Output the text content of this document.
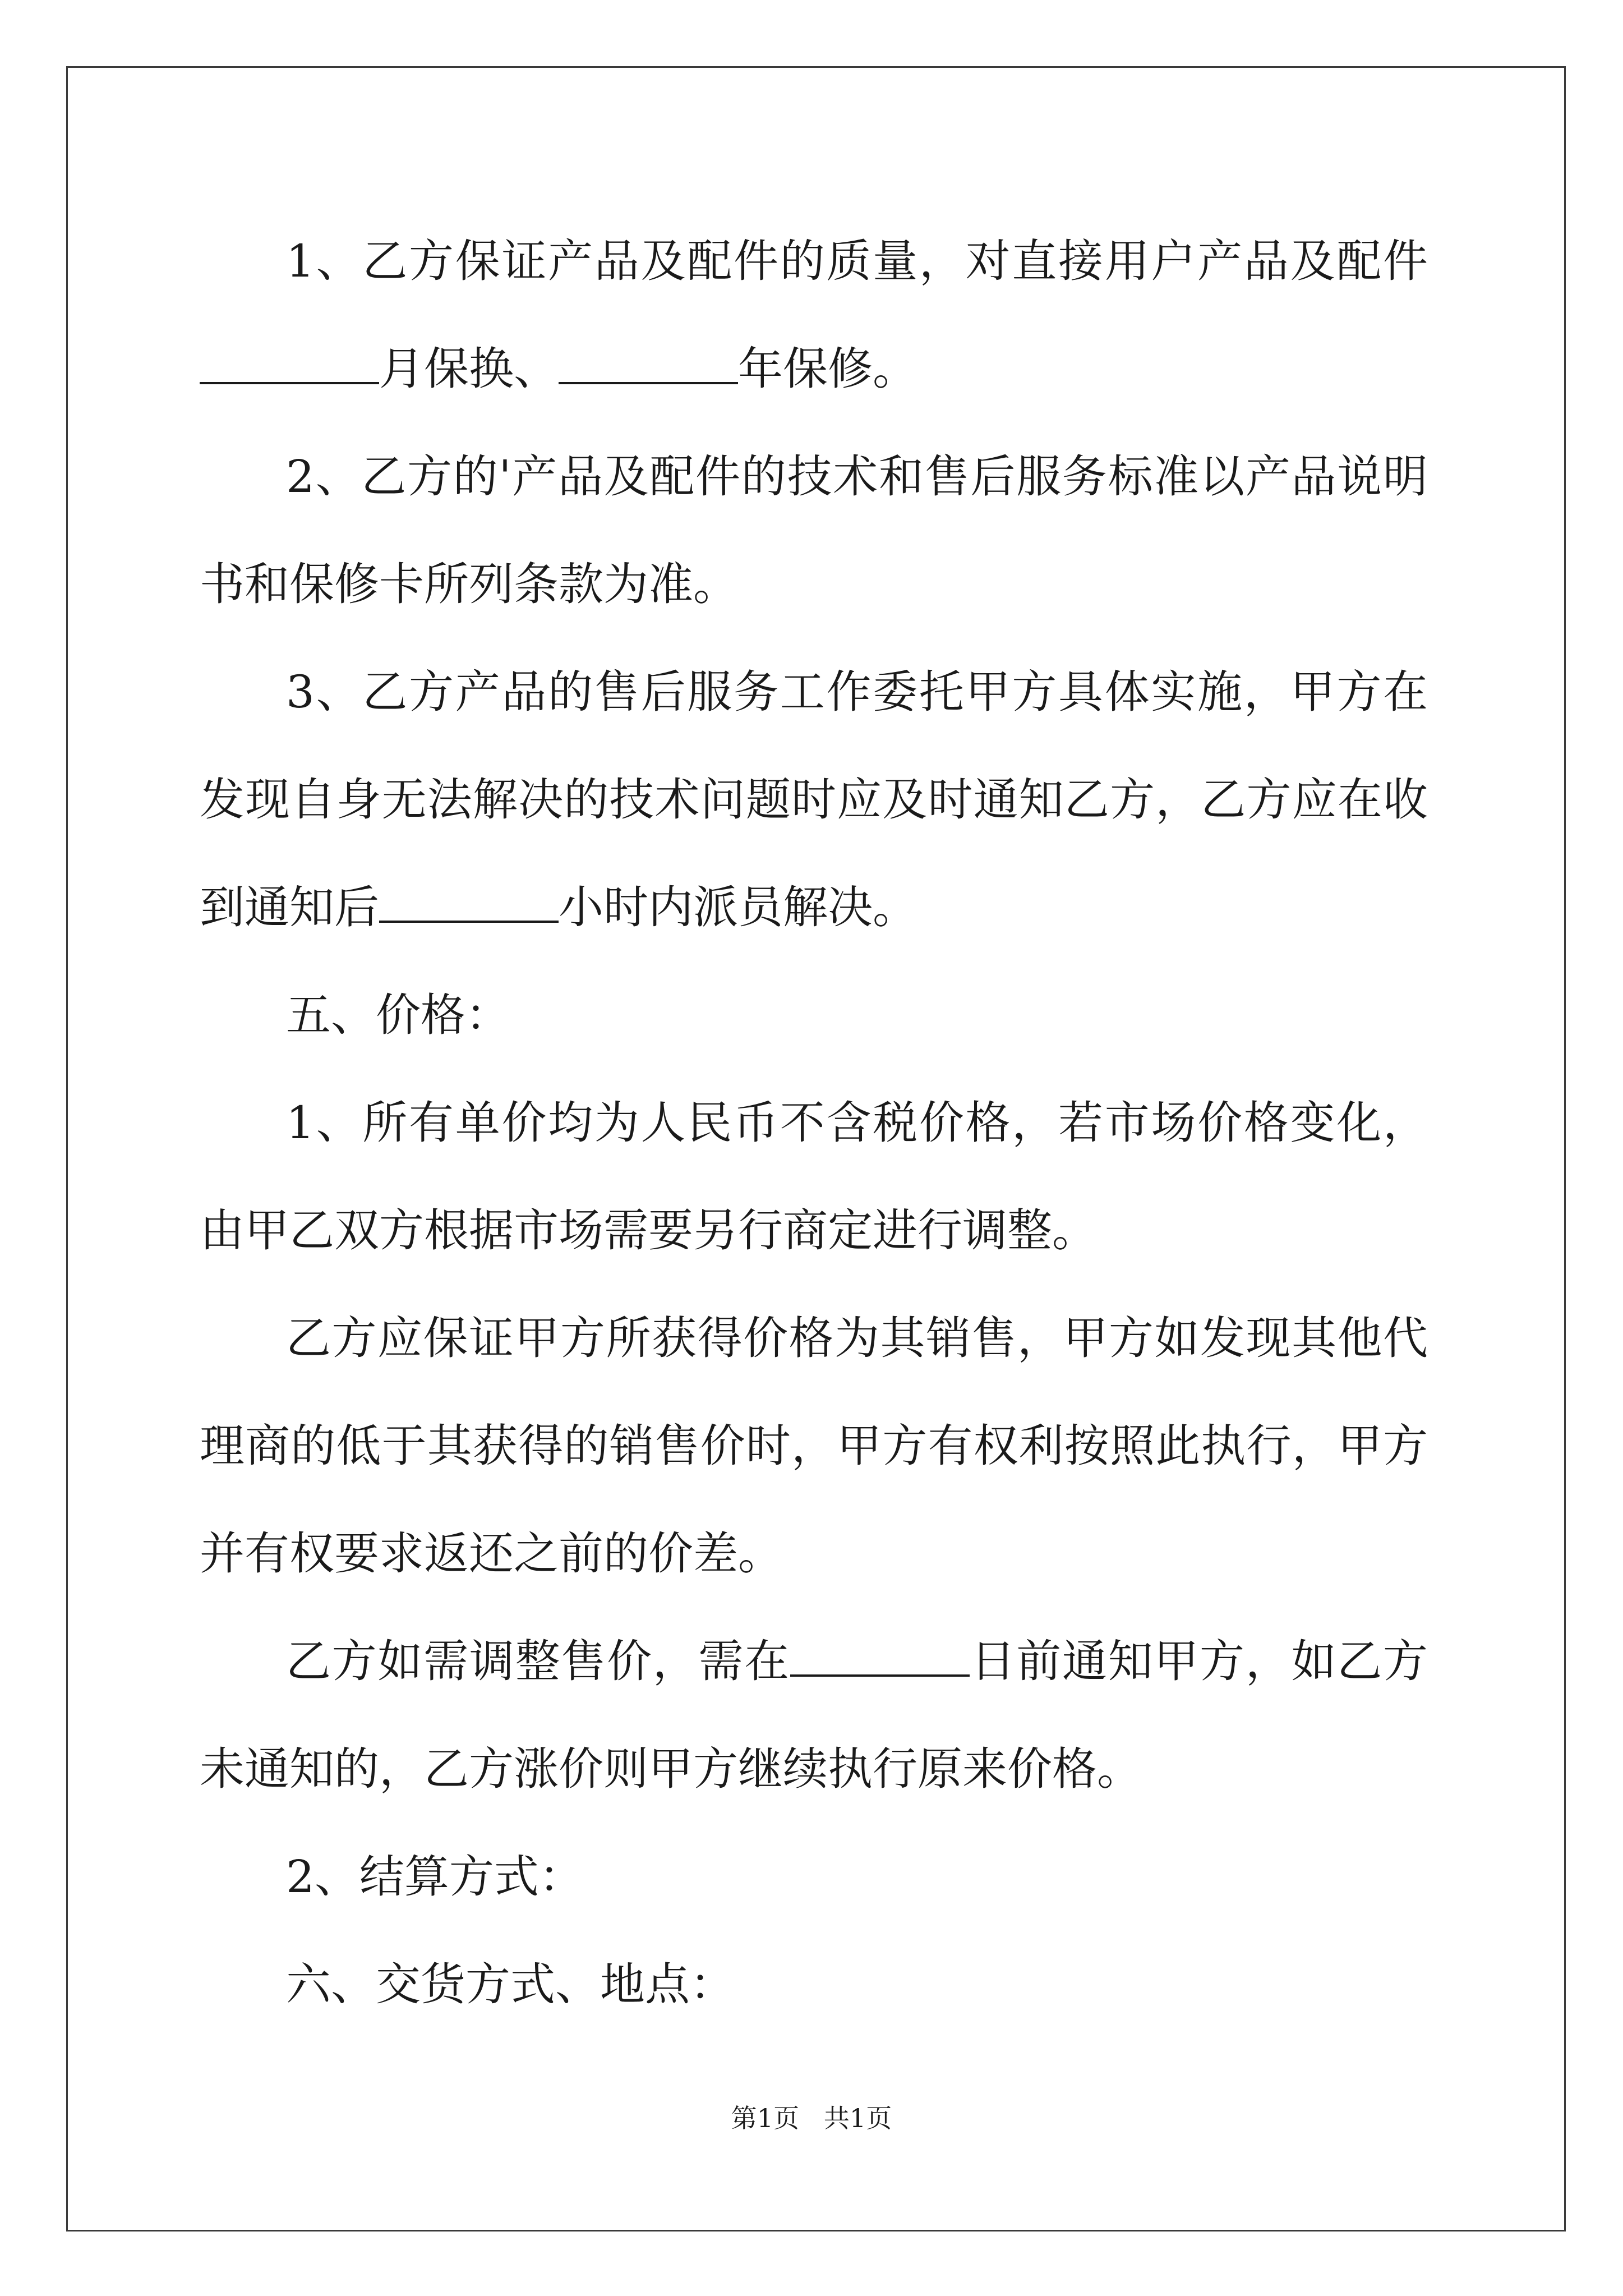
1、乙方保证产品及配件的质量，对直接用户产品及配件月保换、	年保修。

2、乙方的'产品及配件的技术和售后服务标准以产品说明书和保修卡所列条款为准。

3、乙方产品的售后服务工作委托甲方具体实施，甲方在发现自身无法解决的技术问题时应及时通知乙方，乙方应在收到通知后	小时内派员解决。

五、价格：

1、所有单价均为人民币不含税价格，若市场价格变化，由甲乙双方根据市场需要另行商定进行调整。

乙方应保证甲方所获得价格为其销售，甲方如发现其他代理商的低于其获得的销售价时，甲方有权利按照此执行，甲方并有权要求返还之前的价差。

乙方如需调整售价，需在	日前通知甲方，如乙方未通知的，乙方涨价则甲方继续执行原来价格。

2、结算方式：

六、交货方式、地点：

第1页   共1页
